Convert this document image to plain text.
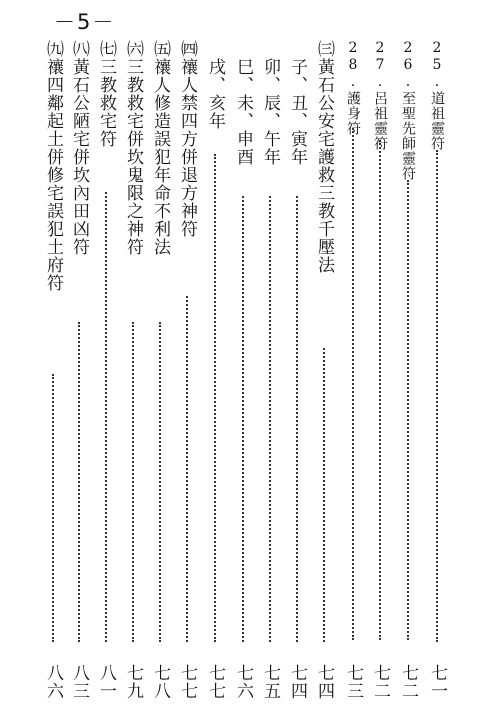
－5－
25.道祖靈符
七一
26.至聖先師靈符
七二
27.呂祖靈符
七二
28.護身符
七三
㈢黃石公安宅護救三教千壓法
七四
子、丑、寅年
七四
卯、辰、午年
七五
巳、未、申酉
七六
戌、亥年
七七
㈣禳人禁四方併退方神符
七七
㈤禳人修造誤犯年命不利法
七八
㈥三教救宅併坎鬼限之神符
七九
㈦三教救宅符
八一
㈧黃石公陋宅併坎內田凶符
八三
㈨禳四鄰起土併修宅誤犯土府符
八六
